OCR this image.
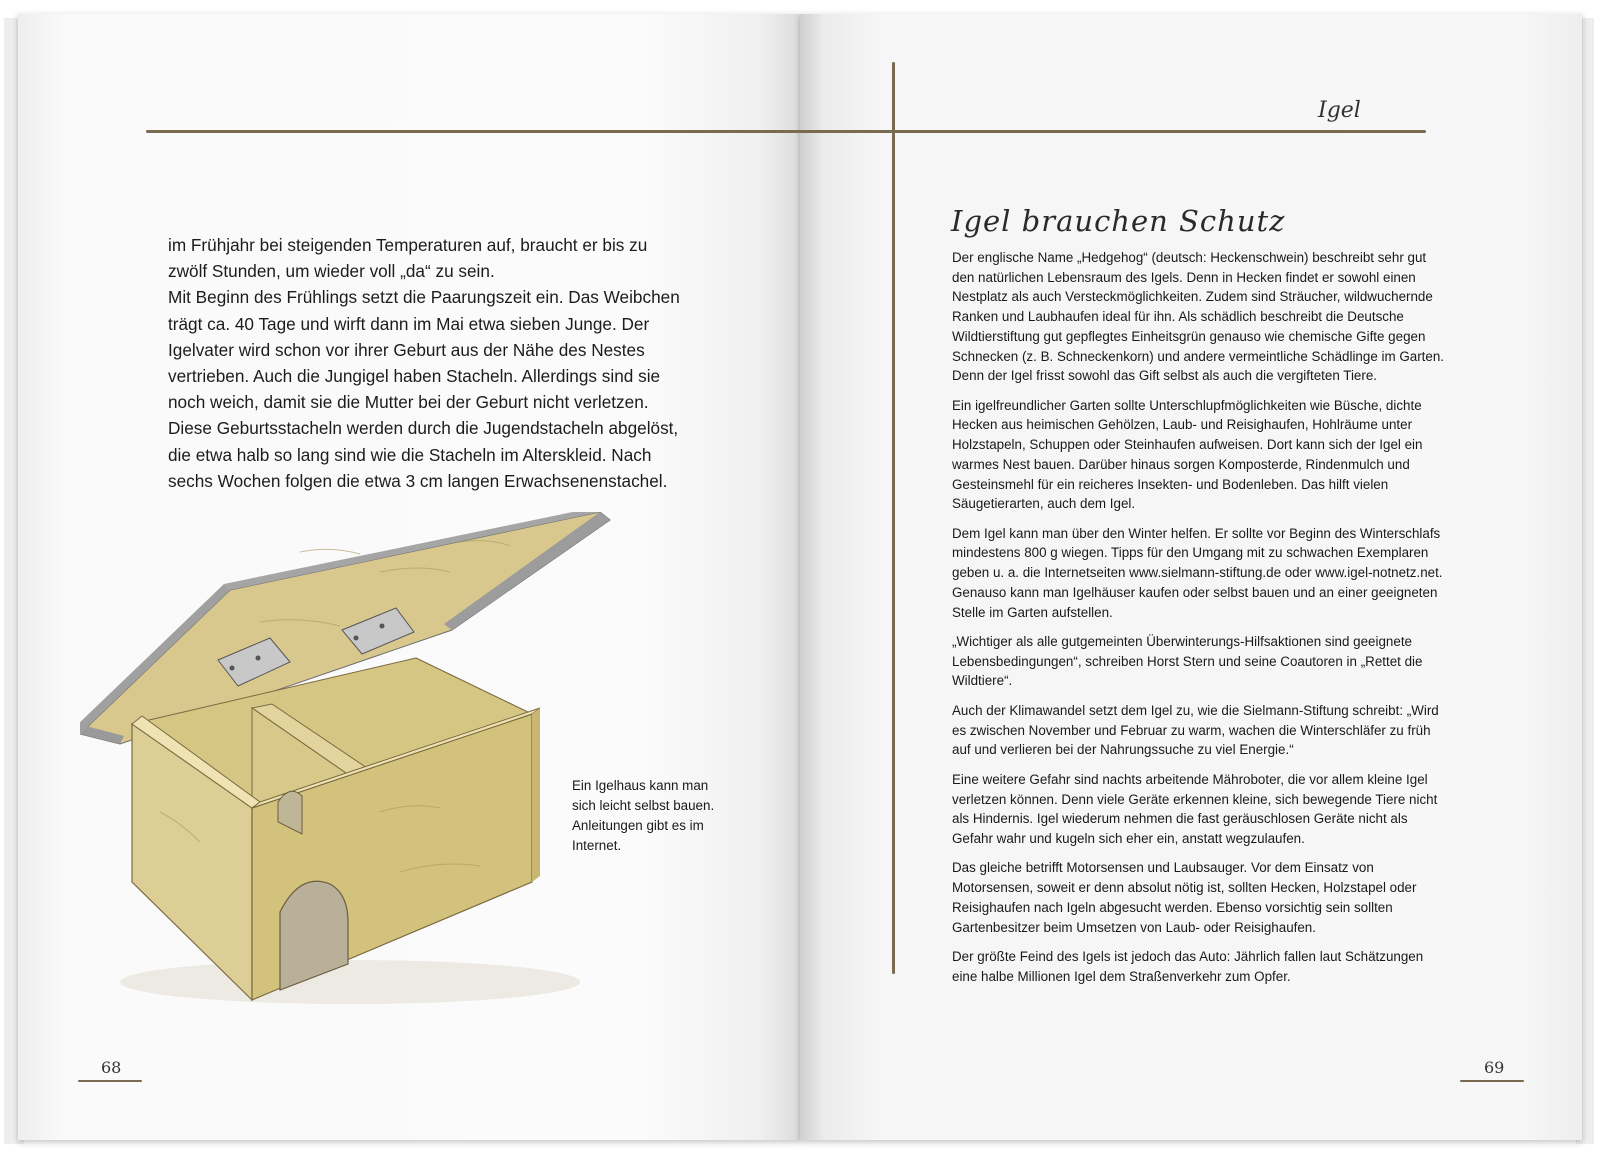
Igel

im Frühjahr bei steigenden Temperaturen auf, braucht er bis zu zwölf Stunden, um wieder voll „da“ zu sein.

Mit Beginn des Frühlings setzt die Paarungszeit ein. Das Weibchen trägt ca. 40 Tage und wirft dann im Mai etwa sieben Junge. Der Igelvater wird schon vor ihrer Geburt aus der Nähe des Nestes vertrieben. Auch die Jungigel haben Stacheln. Allerdings sind sie noch weich, damit sie die Mutter bei der Geburt nicht verletzen. Diese Geburtsstacheln werden durch die Jugendstacheln abgelöst, die etwa halb so lang sind wie die Stacheln im Alterskleid. Nach sechs Wochen folgen die etwa 3 cm langen Erwachsenenstachel.

Ein Igelhaus kann man sich leicht selbst bauen. Anleitungen gibt es im Internet.
Igel brauchen Schutz

Der englische Name „Hedgehog“ (deutsch: Heckenschwein) beschreibt sehr gut den natürlichen Lebensraum des Igels. Denn in Hecken findet er sowohl einen Nestplatz als auch Versteckmöglichkeiten. Zudem sind Sträucher, wildwuchernde Ranken und Laubhaufen ideal für ihn. Als schädlich beschreibt die Deutsche Wildtierstiftung gut gepflegtes Einheitsgrün genauso wie chemische Gifte gegen Schnecken (z. B. Schneckenkorn) und andere vermeintliche Schädlinge im Garten. Denn der Igel frisst sowohl das Gift selbst als auch die vergifteten Tiere.

Ein igelfreundlicher Garten sollte Unterschlupfmöglichkeiten wie Büsche, dichte Hecken aus heimischen Gehölzen, Laub- und Reisighaufen, Hohlräume unter Holzstapeln, Schuppen oder Steinhaufen aufweisen. Dort kann sich der Igel ein warmes Nest bauen. Darüber hinaus sorgen Komposterde, Rindenmulch und Gesteinsmehl für ein reicheres Insekten- und Bodenleben. Das hilft vielen Säugetierarten, auch dem Igel.

Dem Igel kann man über den Winter helfen. Er sollte vor Beginn des Winterschlafs mindestens 800 g wiegen. Tipps für den Umgang mit zu schwachen Exemplaren geben u. a. die Internetseiten www.sielmann-stiftung.de oder www.igel-notnetz.net. Genauso kann man Igelhäuser kaufen oder selbst bauen und an einer geeigneten Stelle im Garten aufstellen.

„Wichtiger als alle gutgemeinten Überwinterungs-Hilfsaktionen sind geeignete Lebensbedingungen“, schreiben Horst Stern und seine Coautoren in „Rettet die Wildtiere“.

Auch der Klimawandel setzt dem Igel zu, wie die Sielmann-Stiftung schreibt: „Wird es zwischen November und Februar zu warm, wachen die Winterschläfer zu früh auf und verlieren bei der Nahrungssuche zu viel Energie.“

Eine weitere Gefahr sind nachts arbeitende Mähroboter, die vor allem kleine Igel verletzen können. Denn viele Geräte erkennen kleine, sich bewegende Tiere nicht als Hindernis. Igel wiederum nehmen die fast geräuschlosen Geräte nicht als Gefahr wahr und kugeln sich eher ein, anstatt wegzulaufen.

Das gleiche betrifft Motorsensen und Laubsauger. Vor dem Einsatz von Motorsensen, soweit er denn absolut nötig ist, sollten Hecken, Holzstapel oder Reisighaufen nach Igeln abgesucht werden. Ebenso vorsichtig sein sollten Gartenbesitzer beim Umsetzen von Laub- oder Reisighaufen.

Der größte Feind des Igels ist jedoch das Auto: Jährlich fallen laut Schätzungen eine halbe Millionen Igel dem Straßenverkehr zum Opfer.

68	69
